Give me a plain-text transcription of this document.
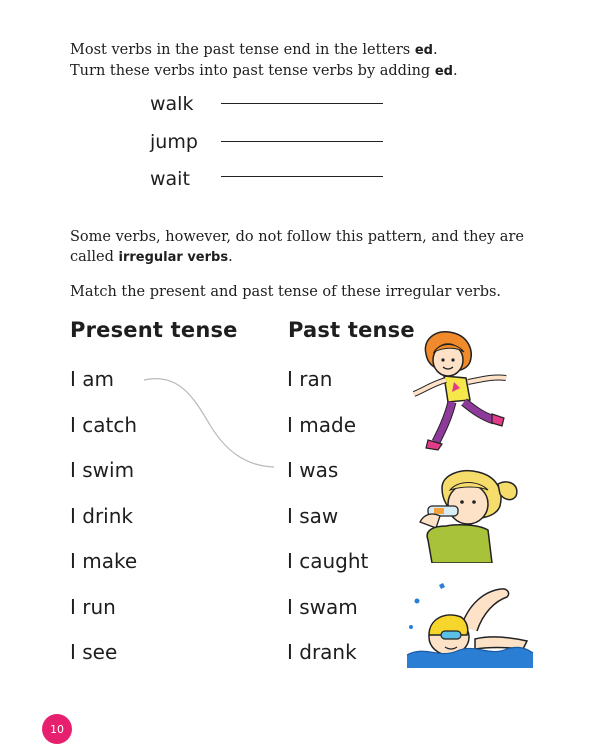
Most verbs in the past tense end in the letters ed.
Turn these verbs into past tense verbs by adding ed.
walk
jump
wait
Some verbs, however, do not follow this pattern, and they are
called irregular verbs.
Match the present and past tense of these irregular verbs.
Present tense Past tense
I am
I catch
I swim
I drink
I make
I run
I see
I ran
I made
I was
I saw
I caught
I swam
I drank
10
